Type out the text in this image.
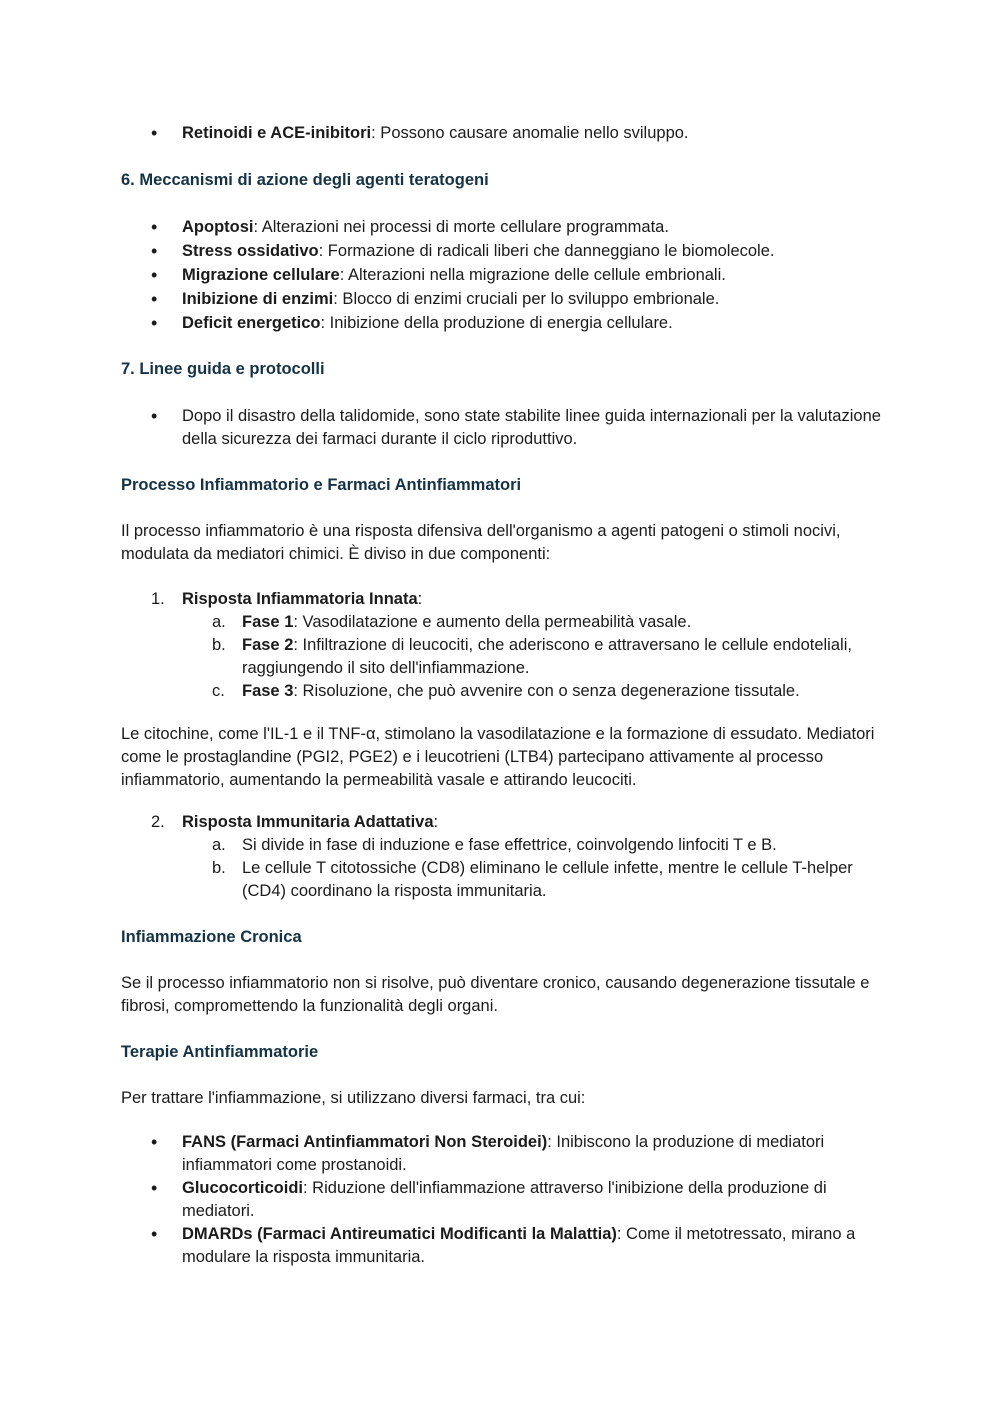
• Retinoidi e ACE-inibitori: Possono causare anomalie nello sviluppo.
6. Meccanismi di azione degli agenti teratogeni
• Apoptosi: Alterazioni nei processi di morte cellulare programmata.
• Stress ossidativo: Formazione di radicali liberi che danneggiano le biomolecole.
• Migrazione cellulare: Alterazioni nella migrazione delle cellule embrionali.
• Inibizione di enzimi: Blocco di enzimi cruciali per lo sviluppo embrionale.
• Deficit energetico: Inibizione della produzione di energia cellulare.
7. Linee guida e protocolli
• Dopo il disastro della talidomide, sono state stabilite linee guida internazionali per la valutazione della sicurezza dei farmaci durante il ciclo riproduttivo.
Processo Infiammatorio e Farmaci Antinfiammatori

Il processo infiammatorio è una risposta difensiva dell'organismo a agenti patogeni o stimoli nocivi, modulata da mediatori chimici. È diviso in due componenti:

1. Risposta Infiammatoria Innata:
a. Fase 1: Vasodilatazione e aumento della permeabilità vasale.
b. Fase 2: Infiltrazione di leucociti, che aderiscono e attraversano le cellule endoteliali, raggiungendo il sito dell'infiammazione.
c. Fase 3: Risoluzione, che può avvenire con o senza degenerazione tissutale.

Le citochine, come l'IL-1 e il TNF-α, stimolano la vasodilatazione e la formazione di essudato. Mediatori come le prostaglandine (PGI2, PGE2) e i leucotrieni (LTB4) partecipano attivamente al processo infiammatorio, aumentando la permeabilità vasale e attirando leucociti.

2. Risposta Immunitaria Adattativa:
a. Si divide in fase di induzione e fase effettrice, coinvolgendo linfociti T e B.
b. Le cellule T citotossiche (CD8) eliminano le cellule infette, mentre le cellule T-helper (CD4) coordinano la risposta immunitaria.
Infiammazione Cronica

Se il processo infiammatorio non si risolve, può diventare cronico, causando degenerazione tissutale e fibrosi, compromettendo la funzionalità degli organi.

Terapie Antinfiammatorie

Per trattare l'infiammazione, si utilizzano diversi farmaci, tra cui:

• FANS (Farmaci Antinfiammatori Non Steroidei): Inibiscono la produzione di mediatori infiammatori come prostanoidi.
• Glucocorticoidi: Riduzione dell'infiammazione attraverso l'inibizione della produzione di mediatori.
• DMARDs (Farmaci Antireumatici Modificanti la Malattia): Come il metotressato, mirano a modulare la risposta immunitaria.
